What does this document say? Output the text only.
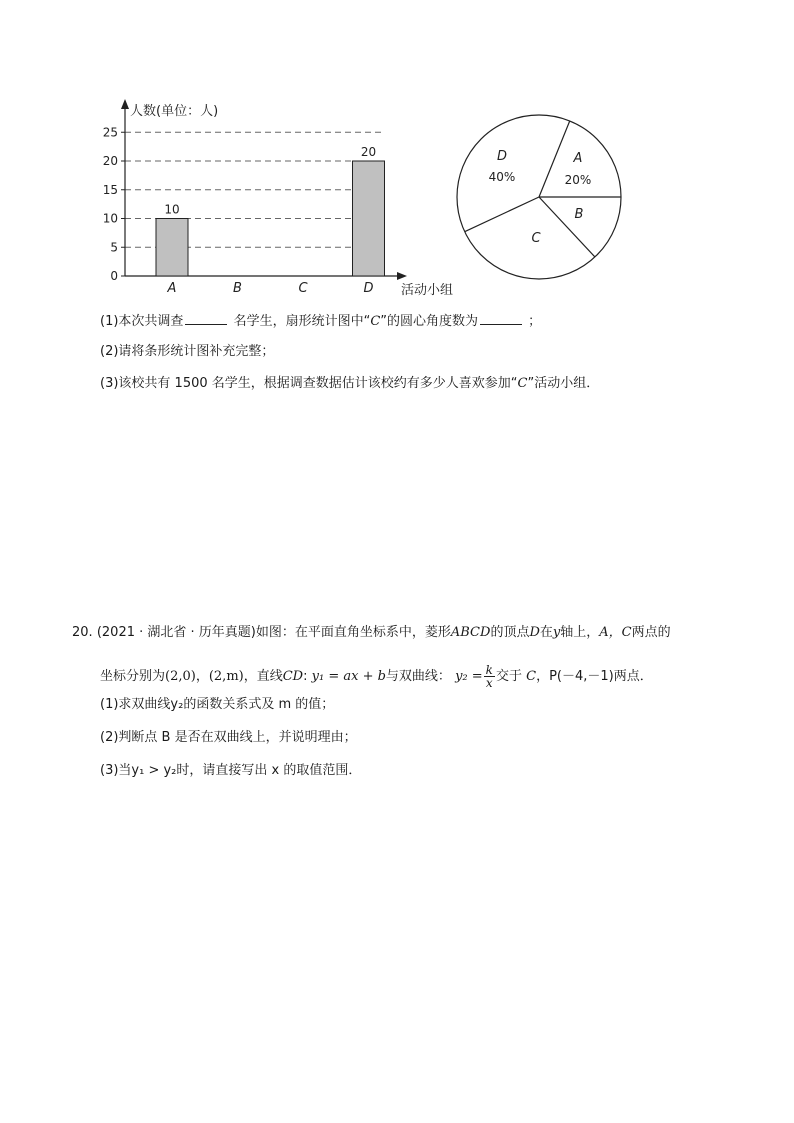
0
5
10
15
20
25
人数(单位：人)
活动小组
A
10
B	C	D
20	A
20%
B
C
D
40%
(1)本次共调查	名学生，扇形统计图中“C”的圆心角度数为	；
(2)请将条形统计图补充完整；
(3)该校共有 1500 名学生，根据调查数据估计该校约有多少人喜欢参加“C”活动小组．
20. (2021 · 湖北省 · 历年真题)如图：在平面直角坐标系中，菱形ABCD的顶点D在y轴上，A，C两点的
坐标分别为(2,0)，(2,m)，直线CD: y₁ = ax + b与双曲线： $y_2 = \frac{k}{x}$ 交于 C，P(－4,－1)两点．
(1)求双曲线y₂的函数关系式及 m 的值；
(2)判断点 B 是否在双曲线上，并说明理由；
(3)当y₁ > y₂时，请直接写出 x 的取值范围．
